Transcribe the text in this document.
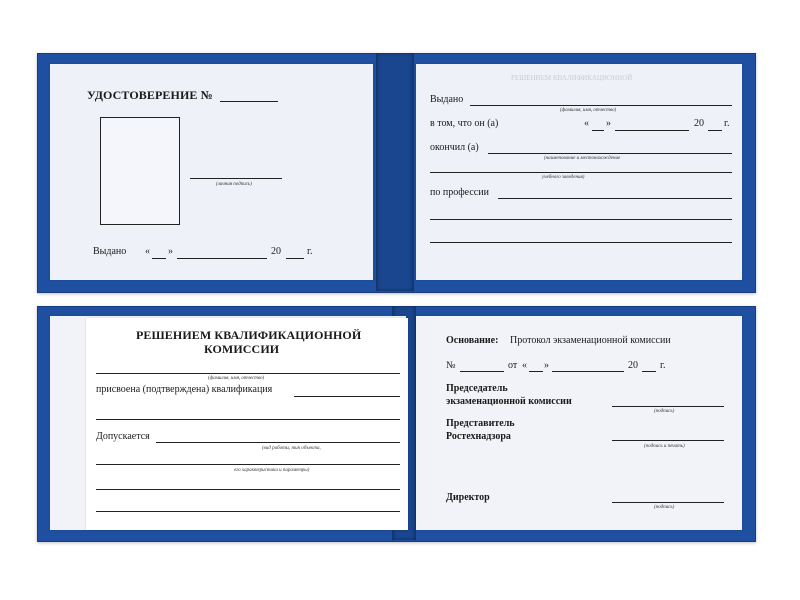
УДОСТОВЕРЕНИЕ №
(личная подпись)
Выдано « »	20	г.
РЕШЕНИЕМ КВАЛИФИКАЦИОННОЙ
Выдано
(фамилия, имя, отчество)
в том, что он (а)	« »	20 г.
окончил (а)
(наименование и местонахождение
учебного заведения)
по профессии
РЕШЕНИЕМ КВАЛИФИКАЦИОННОЙ
КОМИССИИ
(фамилия, имя, отчество)
присвоена (подтверждена) квалификация
Допускается
(вид работы, тип объекта,
его характеристики и параметры)
Основание: Протокол экзаменационной комиссии
№	от « »	20 г.
Председатель
экзаменационной комиссии
(подпись)
Представитель
Ростехнадзора
(подпись и печать)
Директор
(подпись)
